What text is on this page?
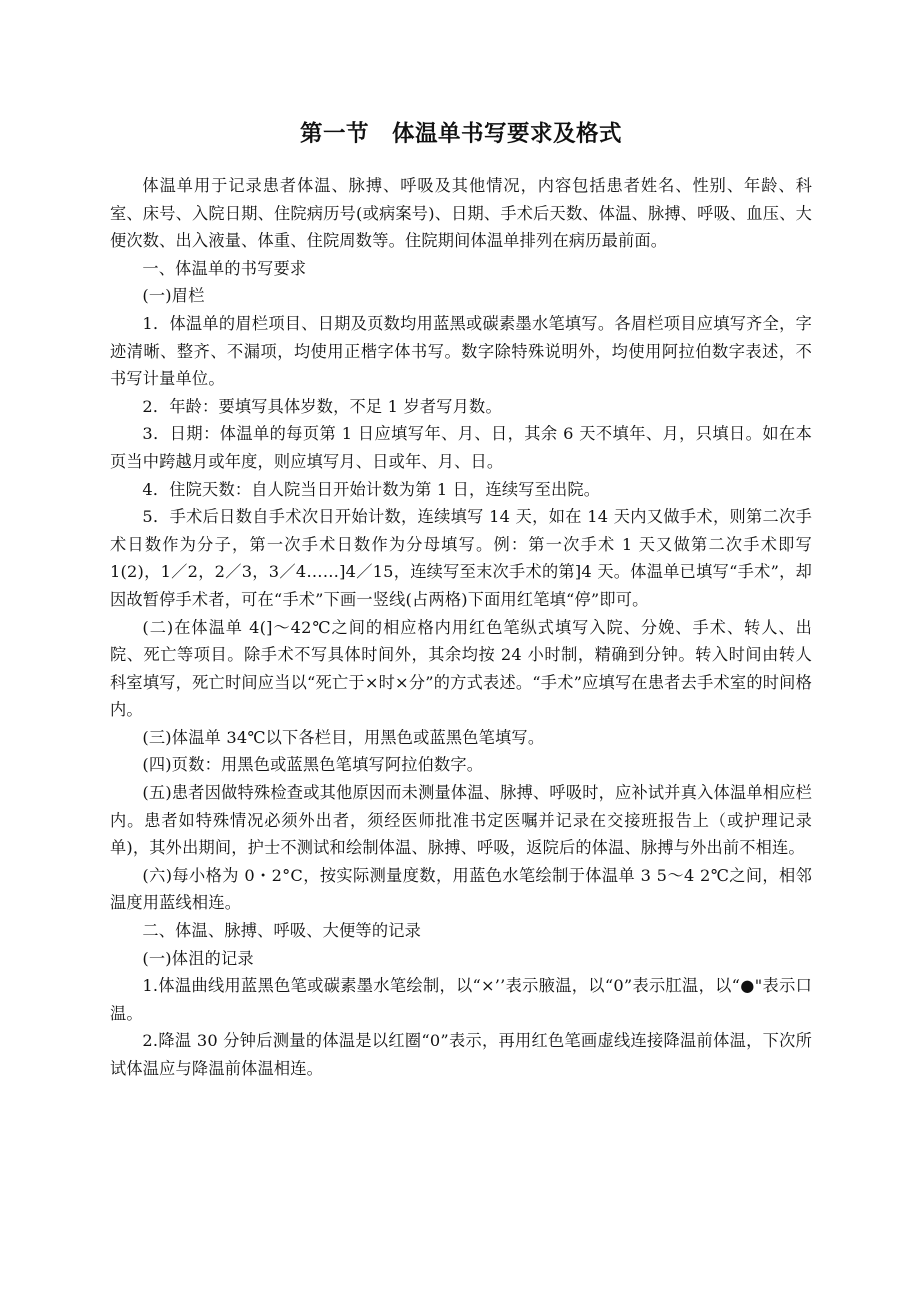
第一节　体温单书写要求及格式

体温单用于记录患者体温、脉搏、呼吸及其他情况，内容包括患者姓名、性别、年龄、科室、床号、入院日期、住院病历号(或病案号)、日期、手术后天数、体温、脉搏、呼吸、血压、大便次数、出入液量、体重、住院周数等。住院期间体温单排列在病历最前面。

一、体温单的书写要求

(一)眉栏

1．体温单的眉栏项目、日期及页数均用蓝黑或碳素墨水笔填写。各眉栏项目应填写齐全，字迹清晰、整齐、不漏项，均使用正楷字体书写。数字除特殊说明外，均使用阿拉伯数字表述，不书写计量单位。

2．年龄：要填写具体岁数，不足 1 岁者写月数。

3．日期：体温单的每页第 1 日应填写年、月、日，其余 6 天不填年、月，只填日。如在本页当中跨越月或年度，则应填写月、日或年、月、日。

4．住院天数：自人院当日开始计数为第 1 日，连续写至出院。

5．手术后日数自手术次日开始计数，连续填写 14 天，如在 14 天内又做手术，则第二次手术日数作为分子，第一次手术日数作为分母填写。例：第一次手术 1 天又做第二次手术即写 1(2)，1／2，2／3，3／4……]4／15，连续写至末次手术的第]4 天。体温单已填写“手术”，却因故暂停手术者，可在“手术”下画一竖线(占两格)下面用红笔填“停”即可。

(二)在体温单 4(]～42℃之间的相应格内用红色笔纵式填写入院、分娩、手术、转人、出院、死亡等项目。除手术不写具体时间外，其余均按 24 小时制，精确到分钟。转入时间由转人科室填写，死亡时间应当以“死亡于×时×分”的方式表述。“手术”应填写在患者去手术室的时间格内。

(三)体温单 34℃以下各栏目，用黑色或蓝黑色笔填写。

(四)页数：用黑色或蓝黑色笔填写阿拉伯数字。

(五)患者因做特殊检查或其他原因而未测量体温、脉搏、呼吸时，应补试并真入体温单相应栏内。患者如特殊情况必须外出者，须经医师批准书定医嘱并记录在交接班报告上（或护理记录单)，其外出期间，护士不测试和绘制体温、脉搏、呼吸，返院后的体温、脉搏与外出前不相连。

(六)每小格为 0・2°C，按实际测量度数，用蓝色水笔绘制于体温单 3 5～4 2℃之间，相邻温度用蓝线相连。

二、体温、脉搏、呼吸、大便等的记录

(一)体沮的记录

1.体温曲线用蓝黑色笔或碳素墨水笔绘制，以“×’’表示腋温，以“0”表示肛温，以“●"表示口温。

2.降温 30 分钟后测量的体温是以红圈“0”表示，再用红色笔画虚线连接降温前体温，下次所试体温应与降温前体温相连。
